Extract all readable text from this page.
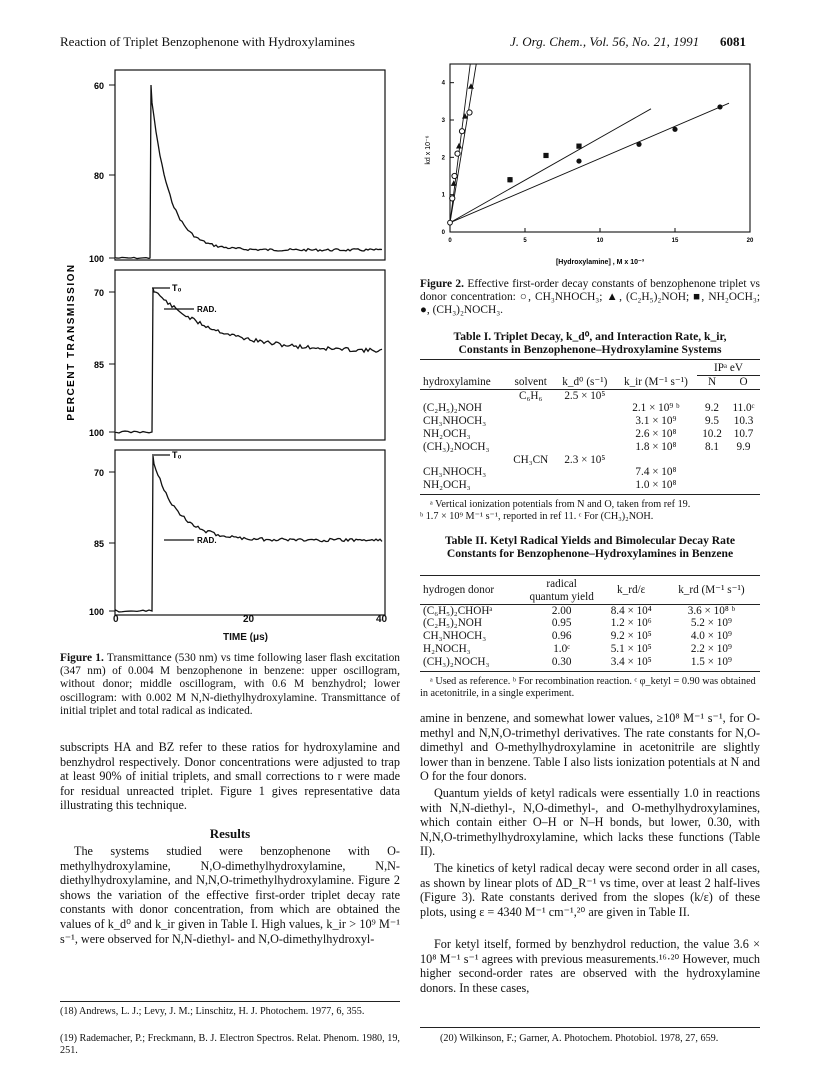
Reaction of Triplet Benzophenone with Hydroxylamines	J. Org. Chem., Vol. 56, No. 21, 1991 6081
60
80
100
70
85
100
T₀
RAD.
70
85
100
T₀
RAD.
PERCENT TRANSMISSION
0	20	40
TIME (μs)
Figure 1. Transmittance (530 nm) vs time following laser flash excitation (347 nm) of 0.004 M benzophenone in benzene: upper oscillogram, without donor; middle oscillogram, with 0.6 M benzhydrol; lower oscillogram: with 0.002 M N,N-diethylhydroxylamine. Transmittance of initial triplet and total radical as indicated.
subscripts HA and BZ refer to these ratios for hydroxylamine and benzhydrol respectively. Donor concentrations were adjusted to trap at least 90% of initial triplets, and small corrections to r were made for residual unreacted triplet. Figure 1 gives representative data illustrating this technique.
Results
The systems studied were benzophenone with O-methylhydroxylamine, N,O-dimethylhydroxylamine, N,N-diethylhydroxylamine, and N,N,O-trimethylhydroxylamine. Figure 2 shows the variation of the effective first-order triplet decay rate constants with donor concentration, from which are obtained the values of k_d⁰ and k_ir given in Table I. High values, k_ir > 10⁹ M⁻¹ s⁻¹, were observed for N,N-diethyl- and N,O-dimethylhydroxyl-
(18) Andrews, L. J.; Levy, J. M.; Linschitz, H. J. Photochem. 1977, 6, 355.
(19) Rademacher, P.; Freckmann, B. J. Electron Spectros. Relat. Phenom. 1980, 19, 251.
0	5	10	15	20
0
1
2
3
4
kd x 10⁻⁶
[Hydroxylamine] , M x 10⁻³
Figure 2. Effective first-order decay constants of benzophenone triplet vs donor concentration: ○, CH₃NHOCH₃; ▲, (C₂H₅)₂NOH; ■, NH₂OCH₃; ●, (CH₃)₂NOCH₃.
Table I. Triplet Decay, k_d⁰, and Interaction Rate, k_ir, Constants in Benzophenone–Hydroxylamine Systems
				IPᵃ eV	
hydroxylamine	solvent	k_d⁰ (s⁻¹)	k_ir (M⁻¹ s⁻¹)	N	O
	C₆H₆	2.5 × 10⁵			
(C₂H₅)₂NOH			2.1 × 10⁹ ᵇ	9.2	11.0ᶜ
CH₃NHOCH₃			3.1 × 10⁹	9.5	10.3
NH₂OCH₃			2.6 × 10⁸	10.2	10.7
(CH₃)₂NOCH₃			1.8 × 10⁸	8.1	9.9
	CH₃CN	2.3 × 10⁵			
CH₃NHOCH₃			7.4 × 10⁸		
NH₂OCH₃			1.0 × 10⁸		
ᵃ Vertical ionization potentials from N and O, taken from ref 19.
ᵇ 1.7 × 10⁹ M⁻¹ s⁻¹, reported in ref 11. ᶜ For (CH₃)₂NOH.
Table II. Ketyl Radical Yields and Bimolecular Decay Rate Constants for Benzophenone–Hydroxylamines in Benzene
hydrogen donor	radical quantum yield	k_rd/ε	k_rd (M⁻¹ s⁻¹)
(C₆H₅)₂CHOHᵃ	2.00	8.4 × 10⁴	3.6 × 10⁸ ᵇ
(C₂H₅)₂NOH	0.95	1.2 × 10⁶	5.2 × 10⁹
CH₃NHOCH₃	0.96	9.2 × 10⁵	4.0 × 10⁹
H₂NOCH₃	1.0ᶜ	5.1 × 10⁵	2.2 × 10⁹
(CH₃)₂NOCH₃	0.30	3.4 × 10⁵	1.5 × 10⁹
ᵃ Used as reference. ᵇ For recombination reaction. ᶜ φ_ketyl = 0.90 was obtained in acetonitrile, in a single experiment.
amine in benzene, and somewhat lower values, ≥10⁸ M⁻¹ s⁻¹, for O-methyl and N,N,O-trimethyl derivatives. The rate constants for N,O-dimethyl and O-methylhydroxylamine in acetonitrile are slightly lower than in benzene. Table I also lists ionization potentials at N and O for the four donors.
Quantum yields of ketyl radicals were essentially 1.0 in reactions with N,N-diethyl-, N,O-dimethyl-, and O-methylhydroxylamines, which contain either O–H or N–H bonds, but lower, 0.30, with N,N,O-trimethylhydroxylamine, which lacks these functions (Table II).
The kinetics of ketyl radical decay were second order in all cases, as shown by linear plots of ΔD_R⁻¹ vs time, over at least 2 half-lives (Figure 3). Rate constants derived from the slopes (k/ε) of these plots, using ε = 4340 M⁻¹ cm⁻¹,²⁰ are given in Table II.
For ketyl itself, formed by benzhydrol reduction, the value 3.6 × 10⁸ M⁻¹ s⁻¹ agrees with previous measurements.¹⁶·²⁰ However, much higher second-order rates are observed with the hydroxylamine donors. In these cases,
(20) Wilkinson, F.; Garner, A. Photochem. Photobiol. 1978, 27, 659.
